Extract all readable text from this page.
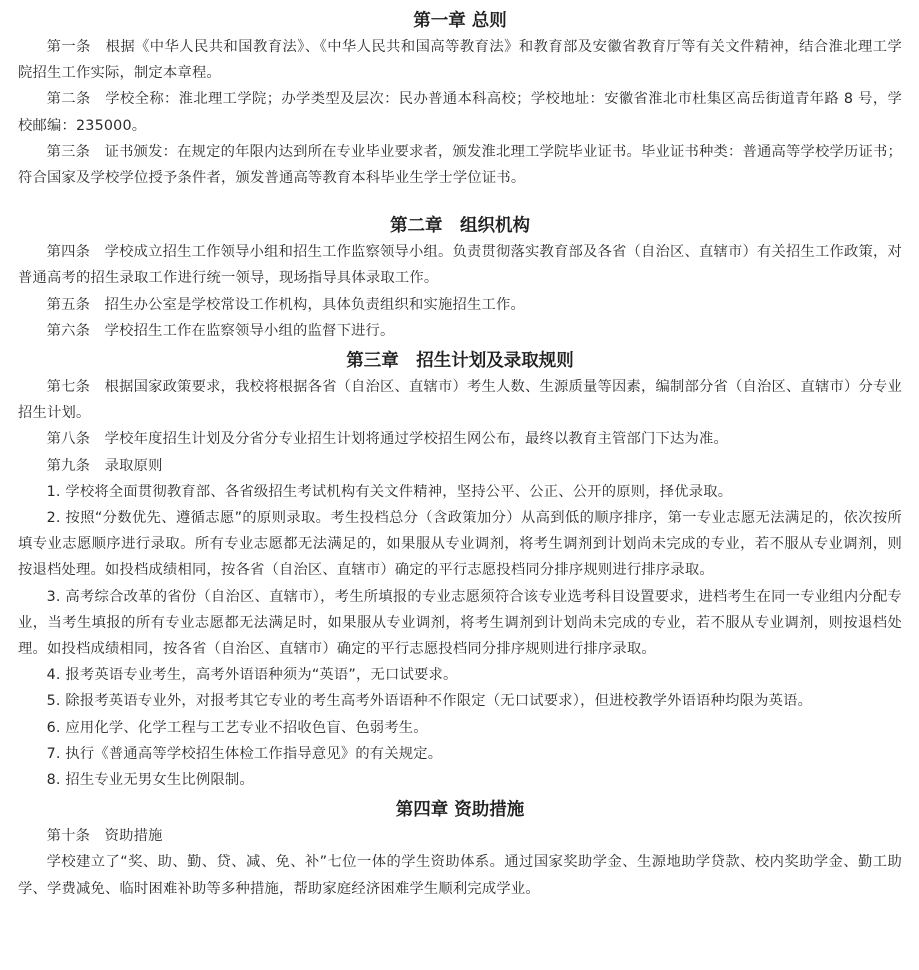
第一章 总则

第一条　根据《中华人民共和国教育法》、《中华人民共和国高等教育法》和教育部及安徽省教育厅等有关文件精神，结合淮北理工学院招生工作实际，制定本章程。

第二条　学校全称：淮北理工学院；办学类型及层次：民办普通本科高校；学校地址：安徽省淮北市杜集区高岳街道青年路 8 号，学校邮编：235000。

第三条　证书颁发：在规定的年限内达到所在专业毕业要求者，颁发淮北理工学院毕业证书。毕业证书种类：普通高等学校学历证书；符合国家及学校学位授予条件者，颁发普通高等教育本科毕业生学士学位证书。

第二章　组织机构

第四条　学校成立招生工作领导小组和招生工作监察领导小组。负责贯彻落实教育部及各省（自治区、直辖市）有关招生工作政策，对普通高考的招生录取工作进行统一领导，现场指导具体录取工作。

第五条　招生办公室是学校常设工作机构，具体负责组织和实施招生工作。

第六条　学校招生工作在监察领导小组的监督下进行。

第三章　招生计划及录取规则

第七条　根据国家政策要求，我校将根据各省（自治区、直辖市）考生人数、生源质量等因素，编制部分省（自治区、直辖市）分专业招生计划。

第八条　学校年度招生计划及分省分专业招生计划将通过学校招生网公布，最终以教育主管部门下达为准。

第九条　录取原则

1. 学校将全面贯彻教育部、各省级招生考试机构有关文件精神，坚持公平、公正、公开的原则，择优录取。

2. 按照“分数优先、遵循志愿”的原则录取。考生投档总分（含政策加分）从高到低的顺序排序，第一专业志愿无法满足的，依次按所填专业志愿顺序进行录取。所有专业志愿都无法满足的，如果服从专业调剂，将考生调剂到计划尚未完成的专业，若不服从专业调剂，则按退档处理。如投档成绩相同，按各省（自治区、直辖市）确定的平行志愿投档同分排序规则进行排序录取。

3. 高考综合改革的省份（自治区、直辖市），考生所填报的专业志愿须符合该专业选考科目设置要求，进档考生在同一专业组内分配专业，当考生填报的所有专业志愿都无法满足时，如果服从专业调剂，将考生调剂到计划尚未完成的专业，若不服从专业调剂，则按退档处理。如投档成绩相同，按各省（自治区、直辖市）确定的平行志愿投档同分排序规则进行排序录取。

4. 报考英语专业考生，高考外语语种须为“英语”，无口试要求。

5. 除报考英语专业外，对报考其它专业的考生高考外语语种不作限定（无口试要求），但进校教学外语语种均限为英语。

6. 应用化学、化学工程与工艺专业不招收色盲、色弱考生。

7. 执行《普通高等学校招生体检工作指导意见》的有关规定。

8. 招生专业无男女生比例限制。

第四章 资助措施

第十条　资助措施

学校建立了“奖、助、勤、贷、减、免、补”七位一体的学生资助体系。通过国家奖助学金、生源地助学贷款、校内奖助学金、勤工助学、学费减免、临时困难补助等多种措施，帮助家庭经济困难学生顺利完成学业。
